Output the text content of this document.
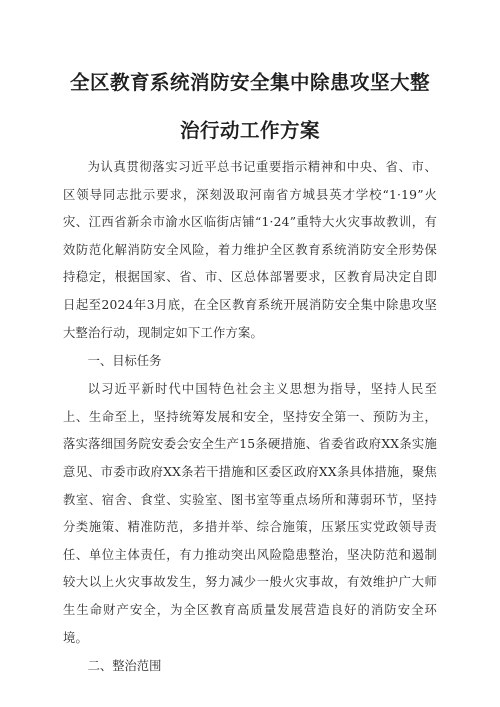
全区教育系统消防安全集中除患攻坚大整
治行动工作方案

为认真贯彻落实习近平总书记重要指示精神和中央、省、市、区领导同志批示要求，深刻汲取河南省方城县英才学校“1·19”火灾、江西省新余市渝水区临街店铺“1·24”重特大火灾事故教训，有效防范化解消防安全风险，着力维护全区教育系统消防安全形势保持稳定，根据国家、省、市、区总体部署要求，区教育局决定自即日起至2024年3月底，在全区教育系统开展消防安全集中除患攻坚大整治行动，现制定如下工作方案。

一、目标任务

以习近平新时代中国特色社会主义思想为指导，坚持人民至上、生命至上，坚持统筹发展和安全，坚持安全第一、预防为主，落实落细国务院安委会安全生产15条硬措施、省委省政府XX条实施意见、市委市政府XX条若干措施和区委区政府XX条具体措施，聚焦教室、宿舍、食堂、实验室、图书室等重点场所和薄弱环节，坚持分类施策、精准防范，多措并举、综合施策，压紧压实党政领导责任、单位主体责任，有力推动突出风险隐患整治，坚决防范和遏制较大以上火灾事故发生，努力减少一般火灾事故，有效维护广大师生生命财产安全，为全区教育高质量发展营造良好的消防安全环境。

二、整治范围
